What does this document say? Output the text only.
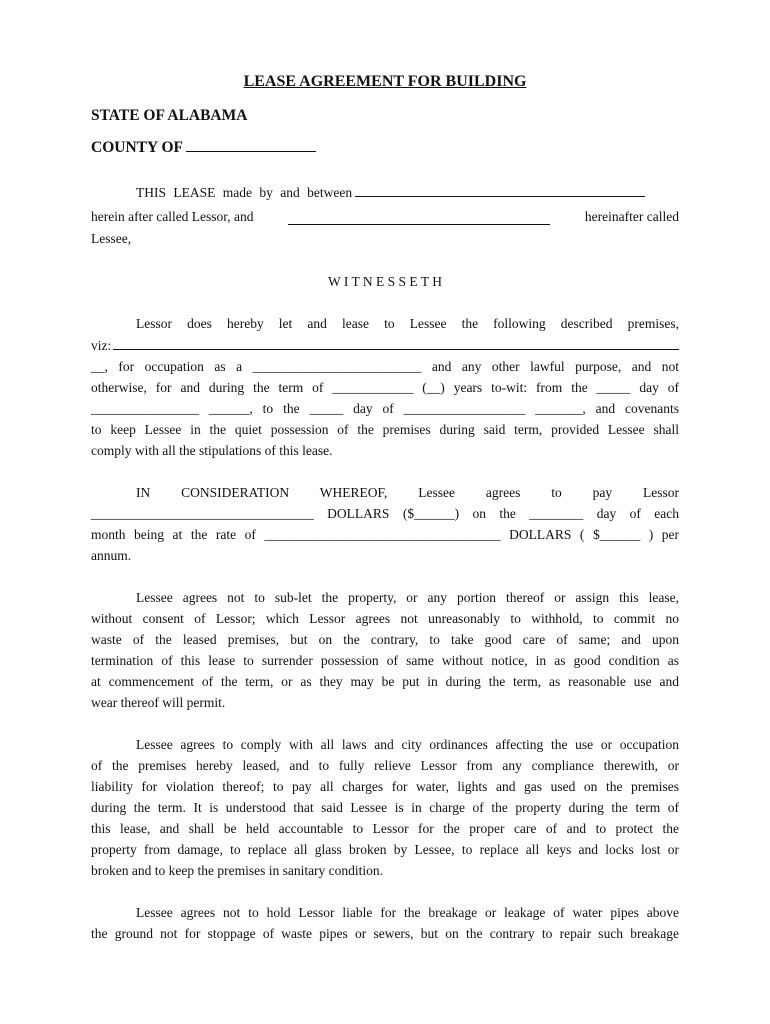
LEASE AGREEMENT FOR BUILDING
STATE OF ALABAMA
COUNTY OF
THIS LEASE made by and between
herein after called Lessor, and	hereinafter called
Lessee,
W I T N E S S E T H
Lessor does hereby let and lease to Lessee the following described premises,
viz:
__, for occupation as a _________________________ and any other lawful purpose, and not
otherwise, for and during the term of ____________ (__) years to-wit: from the _____ day of
________________ ______, to the _____ day of __________________ _______, and covenants
to keep Lessee in the quiet possession of the premises during said term, provided Lessee shall
comply with all the stipulations of this lease.
IN CONSIDERATION WHEREOF, Lessee agrees to pay Lessor
_________________________________ DOLLARS ($______) on the ________ day of each
month being at the rate of ___________________________________ DOLLARS ( $______ ) per
annum.
Lessee agrees not to sub-let the property, or any portion thereof or assign this lease,
without consent of Lessor; which Lessor agrees not unreasonably to withhold, to commit no
waste of the leased premises, but on the contrary, to take good care of same; and upon
termination of this lease to surrender possession of same without notice, in as good condition as
at commencement of the term, or as they may be put in during the term, as reasonable use and
wear thereof will permit.
Lessee agrees to comply with all laws and city ordinances affecting the use or occupation
of the premises hereby leased, and to fully relieve Lessor from any compliance therewith, or
liability for violation thereof; to pay all charges for water, lights and gas used on the premises
during the term. It is understood that said Lessee is in charge of the property during the term of
this lease, and shall be held accountable to Lessor for the proper care of and to protect the
property from damage, to replace all glass broken by Lessee, to replace all keys and locks lost or
broken and to keep the premises in sanitary condition.
Lessee agrees not to hold Lessor liable for the breakage or leakage of water pipes above
the ground not for stoppage of waste pipes or sewers, but on the contrary to repair such breakage
